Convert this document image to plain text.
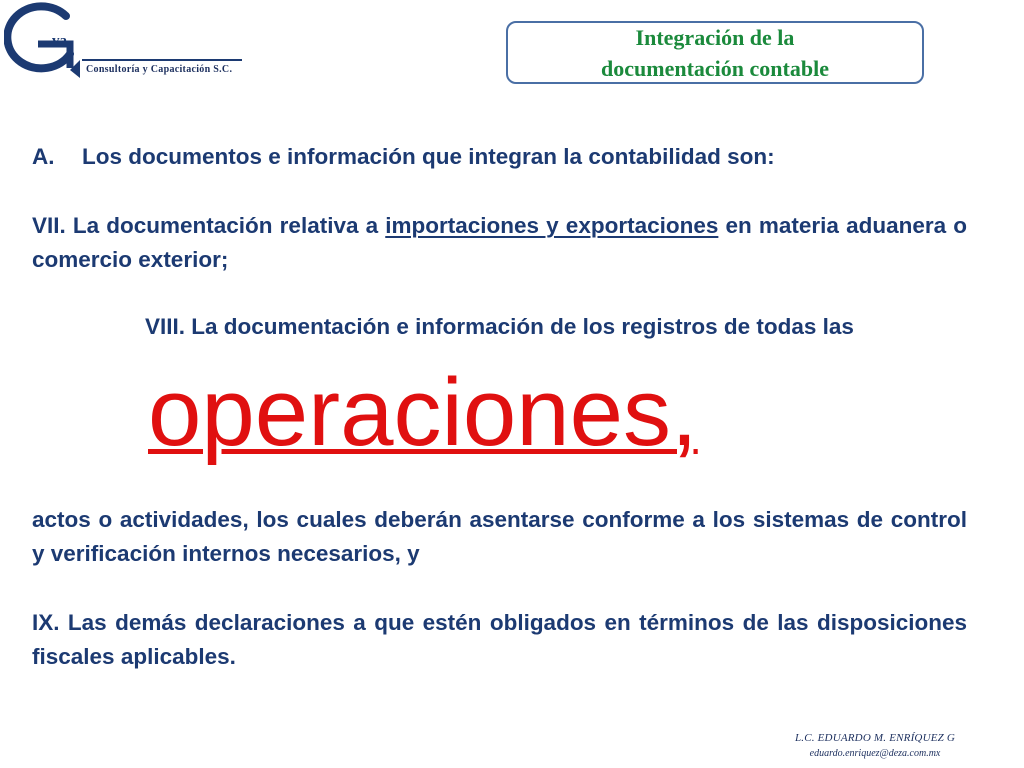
va
Consultoría y Capacitación S.C.
Integración de la
documentación contable
A. Los documentos e información que integran la contabilidad son:
VII. La documentación relativa a importaciones y exportaciones en materia aduanera o comercio exterior;
VIII. La documentación e información de los registros de todas las
actos o actividades, los cuales deberán asentarse conforme a los sistemas de control y verificación internos necesarios, y
IX. Las demás declaraciones a que estén obligados en términos de las disposiciones fiscales aplicables.
operaciones,
L.C. EDUARDO M. ENRÍQUEZ G
eduardo.enriquez@deza.com.mx
